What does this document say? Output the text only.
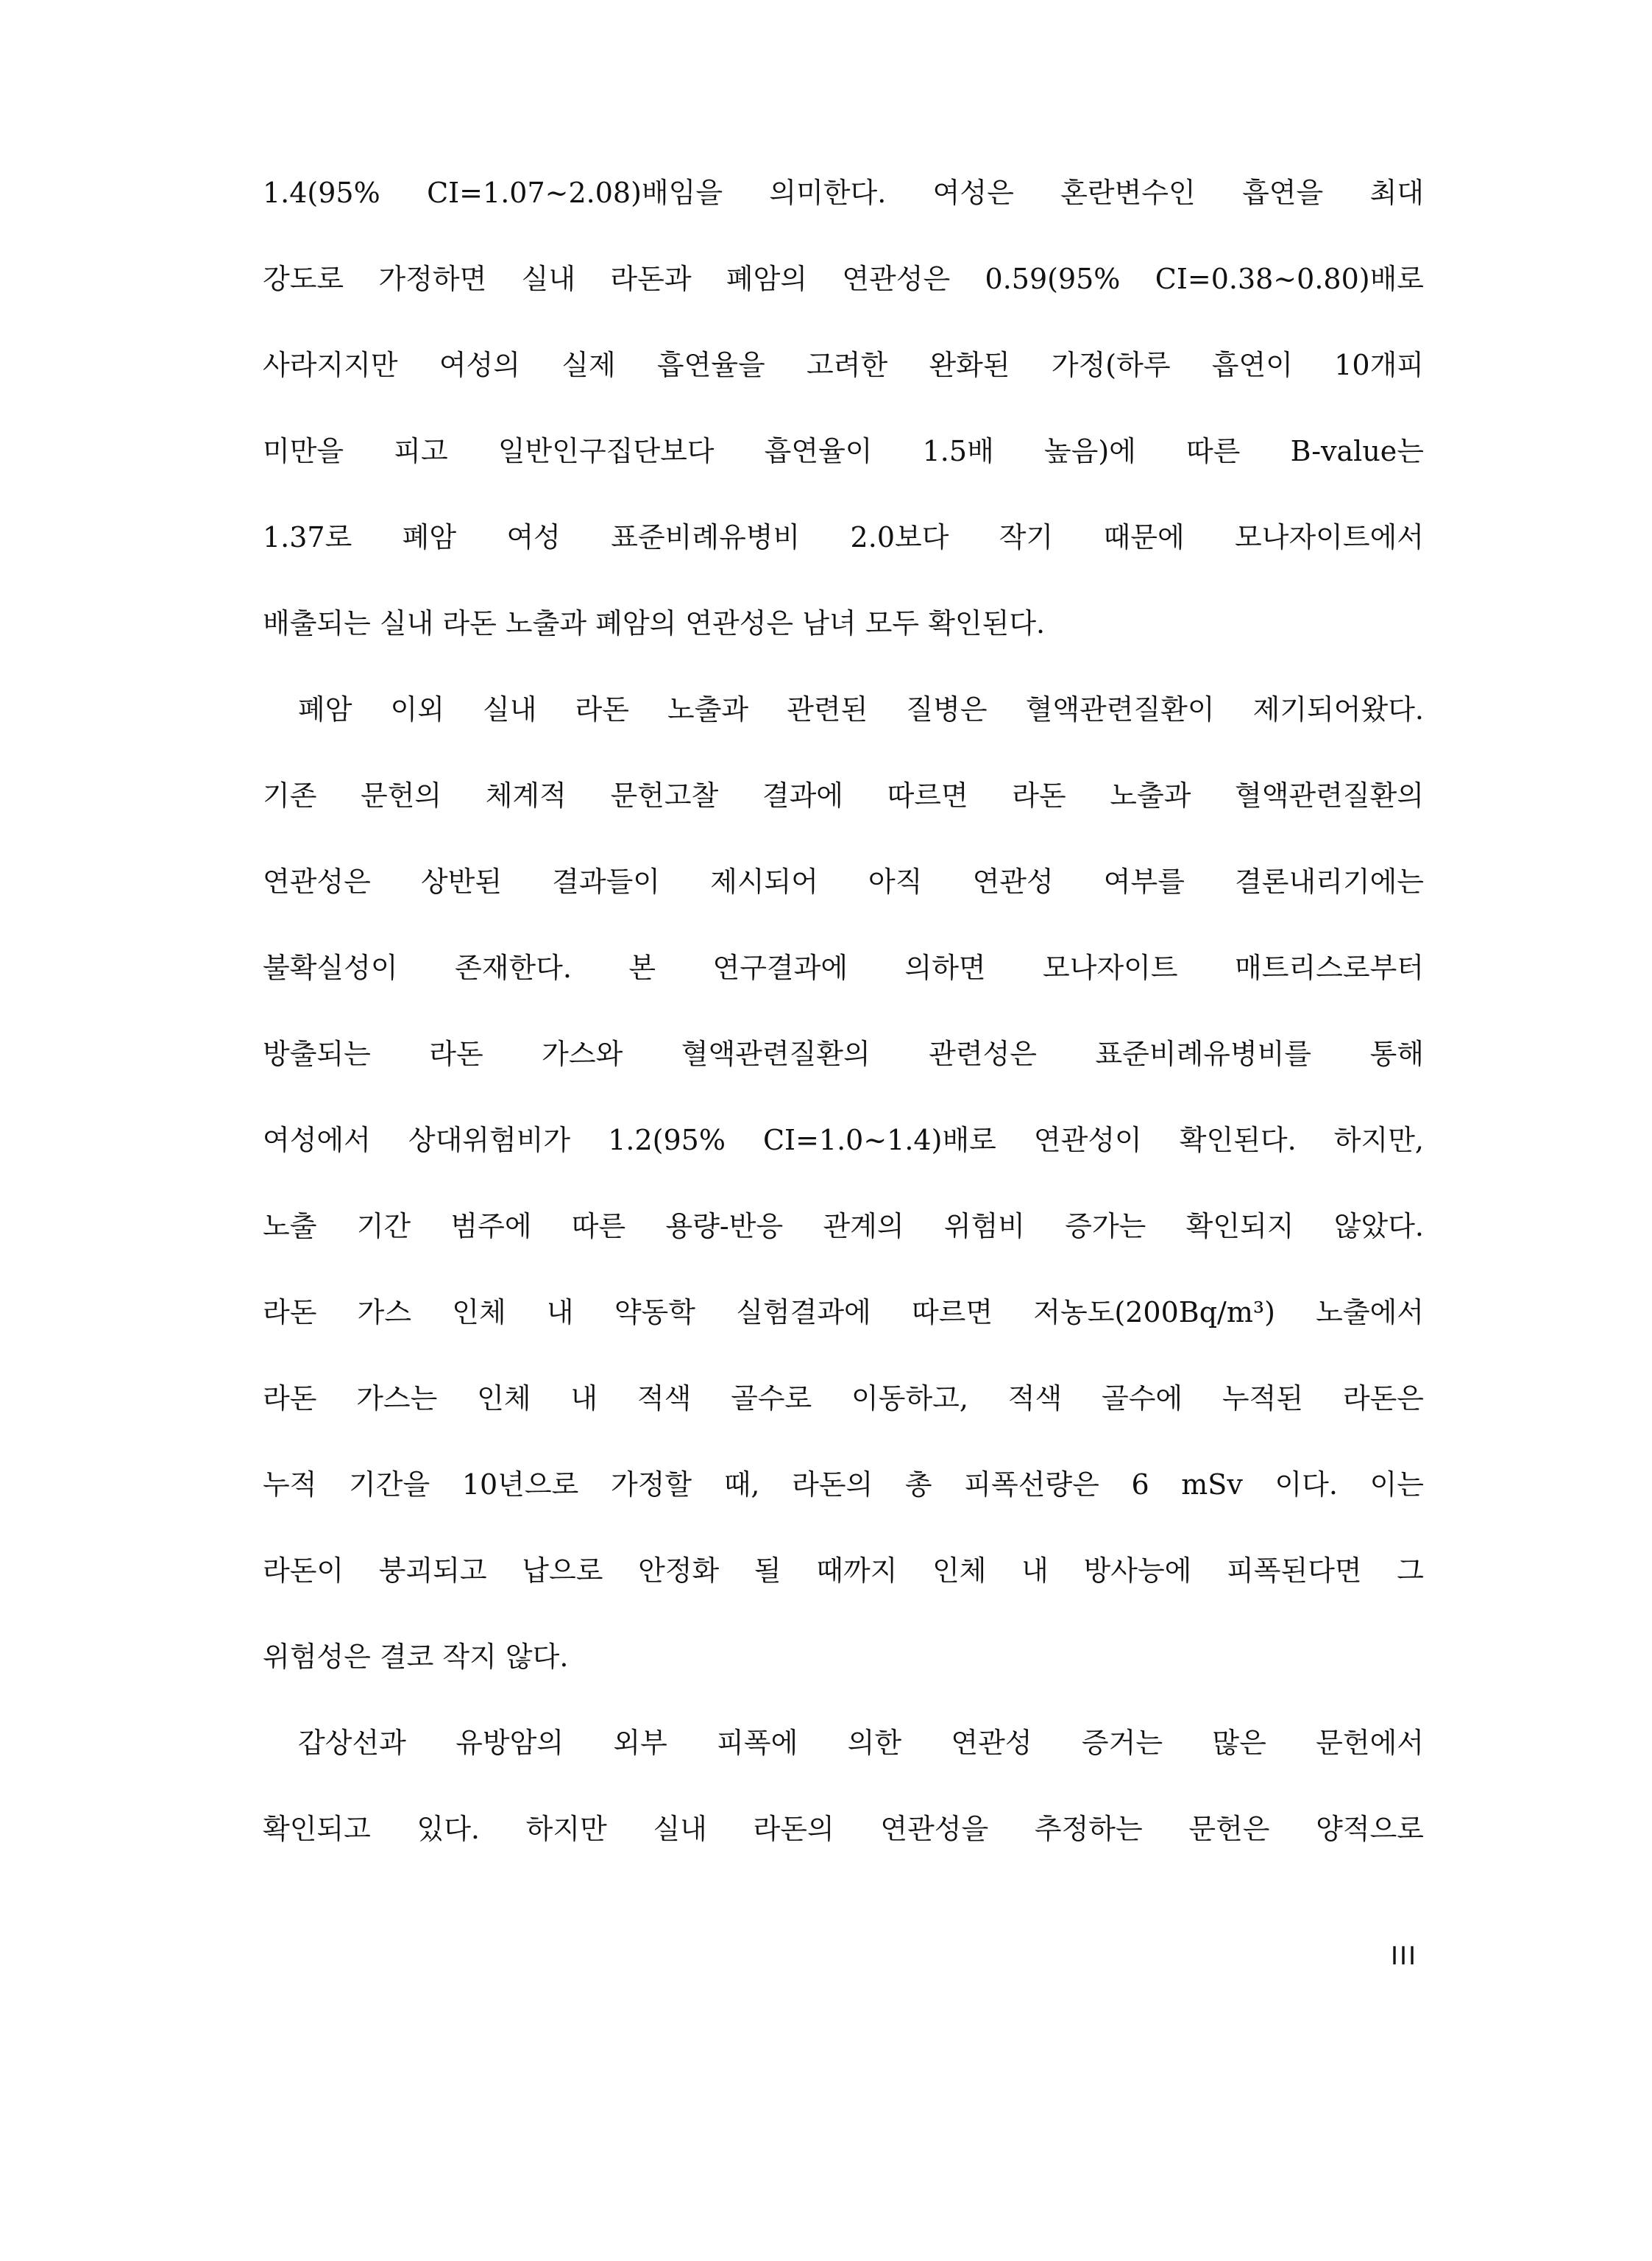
1.4(95% CI=1.07~2.08)배임을 의미한다. 여성은 혼란변수인 흡연을 최대
강도로 가정하면 실내 라돈과 폐암의 연관성은 0.59(95% CI=0.38~0.80)배로
사라지지만 여성의 실제 흡연율을 고려한 완화된 가정(하루 흡연이 10개피
미만을 피고 일반인구집단보다 흡연율이 1.5배 높음)에 따른 B-value는
1.37로 폐암 여성 표준비례유병비 2.0보다 작기 때문에 모나자이트에서
배출되는 실내 라돈 노출과 폐암의 연관성은 남녀 모두 확인된다.
폐암 이외 실내 라돈 노출과 관련된 질병은 혈액관련질환이 제기되어왔다.
기존 문헌의 체계적 문헌고찰 결과에 따르면 라돈 노출과 혈액관련질환의
연관성은 상반된 결과들이 제시되어 아직 연관성 여부를 결론내리기에는
불확실성이 존재한다. 본 연구결과에 의하면 모나자이트 매트리스로부터
방출되는 라돈 가스와 혈액관련질환의 관련성은 표준비례유병비를 통해
여성에서 상대위험비가 1.2(95% CI=1.0~1.4)배로 연관성이 확인된다. 하지만,
노출 기간 범주에 따른 용량-반응 관계의 위험비 증가는 확인되지 않았다.
라돈 가스 인체 내 약동학 실험결과에 따르면 저농도(200Bq/m³) 노출에서
라돈 가스는 인체 내 적색 골수로 이동하고, 적색 골수에 누적된 라돈은
누적 기간을 10년으로 가정할 때, 라돈의 총 피폭선량은 6 mSv 이다. 이는
라돈이 붕괴되고 납으로 안정화 될 때까지 인체 내 방사능에 피폭된다면 그
위험성은 결코 작지 않다.
갑상선과 유방암의 외부 피폭에 의한 연관성 증거는 많은 문헌에서
확인되고 있다. 하지만 실내 라돈의 연관성을 추정하는 문헌은 양적으로
III
